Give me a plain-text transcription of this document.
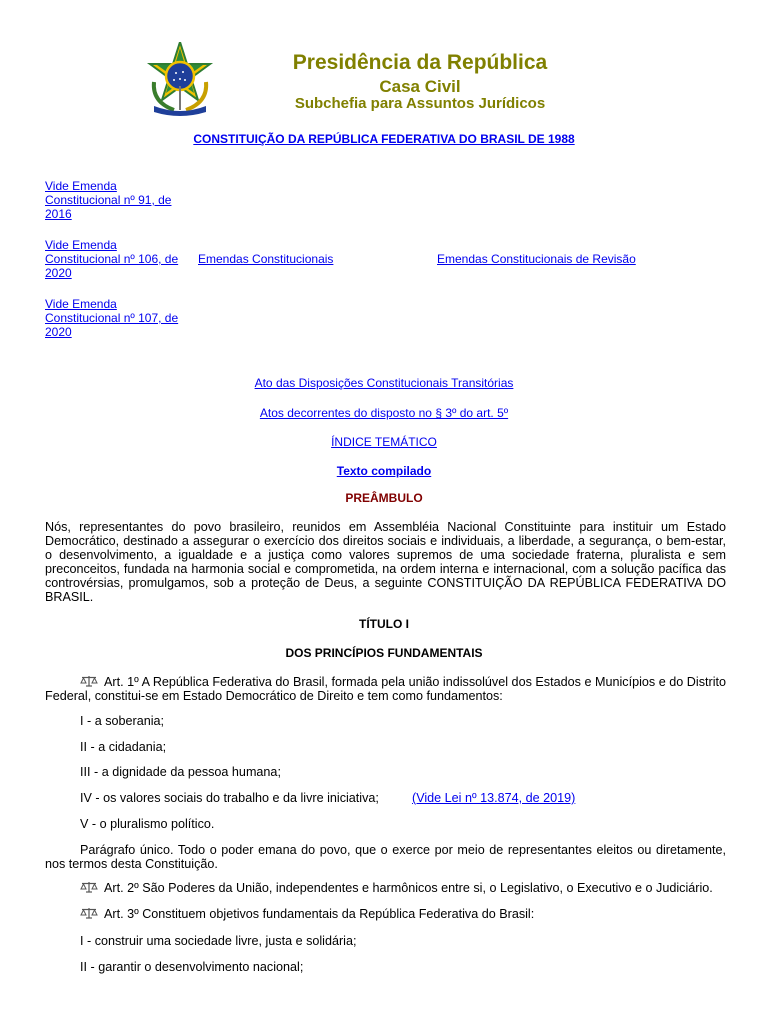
Presidência da República
Casa Civil
Subchefia para Assuntos Jurídicos
CONSTITUIÇÃO DA REPÚBLICA FEDERATIVA DO BRASIL DE 1988
Vide Emenda Constitucional nº 91, de 2016
Vide Emenda Constitucional nº 106, de 2020
Vide Emenda Constitucional nº 107, de 2020
Emendas Constitucionais	Emendas Constitucionais de Revisão
Ato das Disposições Constitucionais Transitórias
Atos decorrentes do disposto no § 3º do art. 5º
ÍNDICE TEMÁTICO
Texto compilado
PREÂMBULO

Nós, representantes do povo brasileiro, reunidos em Assembléia Nacional Constituinte para instituir um Estado Democrático, destinado a assegurar o exercício dos direitos sociais e individuais, a liberdade, a segurança, o bem-estar, o desenvolvimento, a igualdade e a justiça como valores supremos de uma sociedade fraterna, pluralista e sem preconceitos, fundada na harmonia social e comprometida, na ordem interna e internacional, com a solução pacífica das controvérsias, promulgamos, sob a proteção de Deus, a seguinte CONSTITUIÇÃO DA REPÚBLICA FEDERATIVA DO BRASIL.

TÍTULO I
DOS PRINCÍPIOS FUNDAMENTAIS

Art. 1º A República Federativa do Brasil, formada pela união indissolúvel dos Estados e Municípios e do Distrito Federal, constitui-se em Estado Democrático de Direito e tem como fundamentos:

I - a soberania;
II - a cidadania;
III - a dignidade da pessoa humana;
IV - os valores sociais do trabalho e da livre iniciativa;	(Vide Lei nº 13.874, de 2019)
V - o pluralismo político.

Parágrafo único. Todo o poder emana do povo, que o exerce por meio de representantes eleitos ou diretamente, nos termos desta Constituição.

Art. 2º São Poderes da União, independentes e harmônicos entre si, o Legislativo, o Executivo e o Judiciário.

Art. 3º Constituem objetivos fundamentais da República Federativa do Brasil:

I - construir uma sociedade livre, justa e solidária;
II - garantir o desenvolvimento nacional;
